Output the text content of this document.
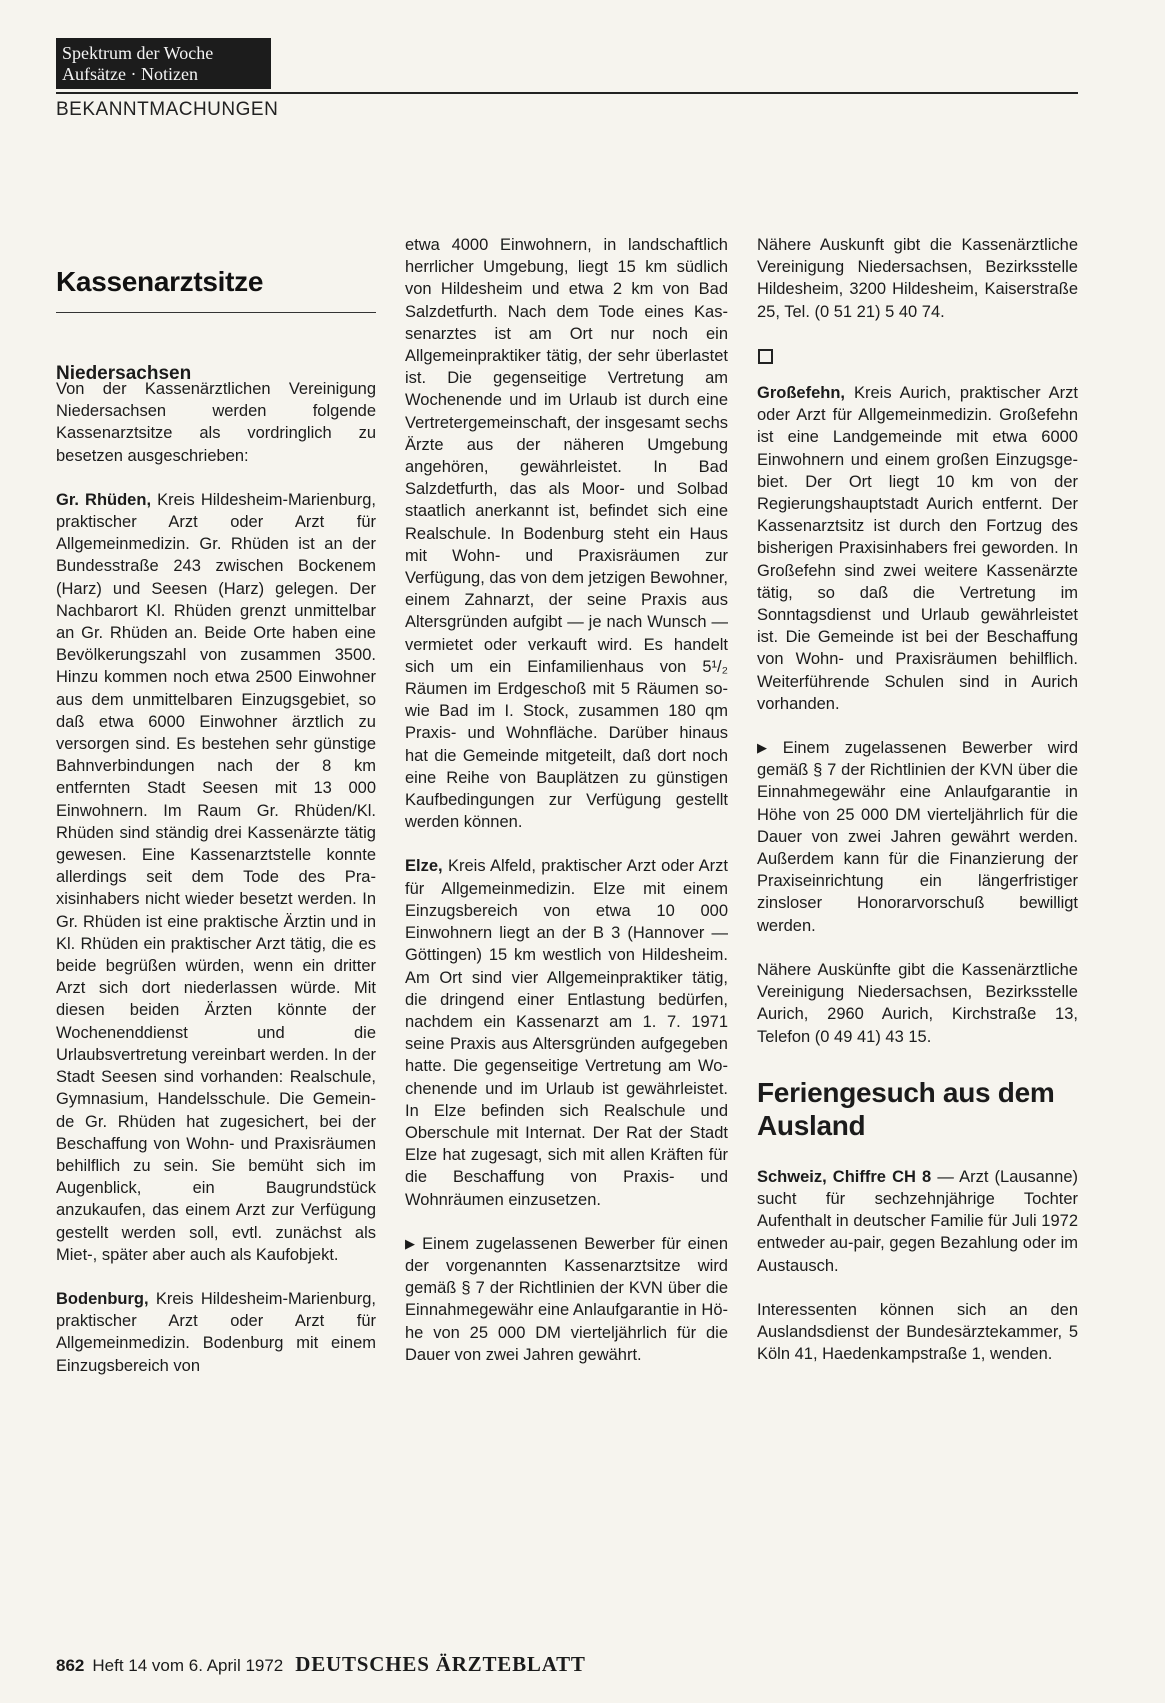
Spektrum der Woche
Aufsätze · Notizen
BEKANNTMACHUNGEN
Kassenarztsitze
Niedersachsen

Von der Kassenärztlichen Vereinigung Niedersachsen werden folgende Kassenarztsitze als vordringlich zu besetzen ausgeschrieben:

Gr. Rhüden, Kreis Hildesheim-Marienburg, praktischer Arzt oder Arzt für Allgemeinmedizin. Gr. Rhüden ist an der Bundesstraße 243 zwischen Bockenem (Harz) und Seesen (Harz) gelegen. Der Nachbarort Kl. Rhüden grenzt unmittelbar an Gr. Rhüden an. Beide Orte haben eine Bevölkerungszahl von zusammen 3500. Hinzu kommen noch etwa 2500 Einwohner aus dem unmittelbaren Einzugsgebiet, so daß etwa 6000 Einwohner ärztlich zu versorgen sind. Es bestehen sehr günstige Bahnverbindungen nach der 8 km entfernten Stadt Seesen mit 13 000 Einwohnern. Im Raum Gr. Rhüden/Kl. Rhüden sind ständig drei Kassenärzte tätig gewesen. Eine Kassenarztstelle konnte allerdings seit dem Tode des Praxisinhabers nicht wieder besetzt werden. In Gr. Rhüden ist eine praktische Ärztin und in Kl. Rhüden ein praktischer Arzt tätig, die es beide begrüßen würden, wenn ein dritter Arzt sich dort niederlassen würde. Mit diesen beiden Ärzten könnte der Wochenenddienst und die Urlaubsvertretung vereinbart werden. In der Stadt Seesen sind vorhanden: Realschule, Gymnasium, Handelsschule. Die Gemeinde Gr. Rhüden hat zugesichert, bei der Beschaffung von Wohn- und Praxisräumen behilflich zu sein. Sie bemüht sich im Augenblick, ein Baugrundstück anzukaufen, das einem Arzt zur Verfügung gestellt werden soll, evtl. zunächst als Miet-, später aber auch als Kaufobjekt.

Bodenburg, Kreis Hildesheim-Marienburg, praktischer Arzt oder Arzt für Allgemeinmedizin. Bodenburg mit einem Einzugsbereich von

etwa 4000 Einwohnern, in landschaftlich herrlicher Umgebung, liegt 15 km südlich von Hildesheim und etwa 2 km von Bad Salzdetfurth. Nach dem Tode eines Kassenarztes ist am Ort nur noch ein Allgemeinpraktiker tätig, der sehr überlastet ist. Die gegenseitige Vertretung am Wochenende und im Urlaub ist durch eine Vertretergemeinschaft, der insgesamt sechs Ärzte aus der näheren Umgebung angehören, gewährleistet. In Bad Salzdetfurth, das als Moor- und Solbad staatlich anerkannt ist, befindet sich eine Realschule. In Bodenburg steht ein Haus mit Wohn- und Praxisräumen zur Verfügung, das von dem jetzigen Bewohner, einem Zahnarzt, der seine Praxis aus Altersgründen aufgibt — je nach Wunsch — vermietet oder verkauft wird. Es handelt sich um ein Einfamilienhaus von 5¹/₂ Räumen im Erdgeschoß mit 5 Räumen sowie Bad im I. Stock, zusammen 180 qm Praxis- und Wohnfläche. Darüber hinaus hat die Gemeinde mitgeteilt, daß dort noch eine Reihe von Bauplätzen zu günstigen Kaufbedingungen zur Verfügung gestellt werden können.

Elze, Kreis Alfeld, praktischer Arzt oder Arzt für Allgemeinmedizin. Elze mit einem Einzugsbereich von etwa 10 000 Einwohnern liegt an der B 3 (Hannover — Göttingen) 15 km westlich von Hildesheim. Am Ort sind vier Allgemeinpraktiker tätig, die dringend einer Entlastung bedürfen, nachdem ein Kassenarzt am 1. 7. 1971 seine Praxis aus Altersgründen aufgegeben hatte. Die gegenseitige Vertretung am Wochenende und im Urlaub ist gewährleistet. In Elze befinden sich Realschule und Oberschule mit Internat. Der Rat der Stadt Elze hat zugesagt, sich mit allen Kräften für die Beschaffung von Praxis- und Wohnräumen einzusetzen.

▶ Einem zugelassenen Bewerber für einen der vorgenannten Kassenarztsitze wird gemäß § 7 der Richtlinien der KVN über die Einnahmegewähr eine Anlaufgarantie in Höhe von 25 000 DM vierteljährlich für die Dauer von zwei Jahren gewährt.

Nähere Auskunft gibt die Kassenärztliche Vereinigung Niedersachsen, Bezirksstelle Hildesheim, 3200 Hildesheim, Kaiserstraße 25, Tel. (0 51 21) 5 40 74.

Großefehn, Kreis Aurich, praktischer Arzt oder Arzt für Allgemeinmedizin. Großefehn ist eine Landgemeinde mit etwa 6000 Einwohnern und einem großen Einzugsgebiet. Der Ort liegt 10 km von der Regierungshauptstadt Aurich entfernt. Der Kassenarztsitz ist durch den Fortzug des bisherigen Praxisinhabers frei geworden. In Großefehn sind zwei weitere Kassenärzte tätig, so daß die Vertretung im Sonntagsdienst und Urlaub gewährleistet ist. Die Gemeinde ist bei der Beschaffung von Wohn- und Praxisräumen behilflich. Weiterführende Schulen sind in Aurich vorhanden.

▶ Einem zugelassenen Bewerber wird gemäß § 7 der Richtlinien der KVN über die Einnahmegewähr eine Anlaufgarantie in Höhe von 25 000 DM vierteljährlich für die Dauer von zwei Jahren gewährt werden. Außerdem kann für die Finanzierung der Praxiseinrichtung ein längerfristiger zinsloser Honorarvorschuß bewilligt werden.

Nähere Auskünfte gibt die Kassenärztliche Vereinigung Niedersachsen, Bezirksstelle Aurich, 2960 Aurich, Kirchstraße 13, Telefon (0 49 41) 43 15.

Feriengesuch aus dem Ausland

Schweiz, Chiffre CH 8 — Arzt (Lausanne) sucht für sechzehnjährige Tochter Aufenthalt in deutscher Familie für Juli 1972 entweder au-pair, gegen Bezahlung oder im Austausch.

Interessenten können sich an den Auslandsdienst der Bundesärztekammer, 5 Köln 41, Haedenkampstraße 1, wenden.

862 Heft 14 vom 6. April 1972 DEUTSCHES ÄRZTEBLATT
